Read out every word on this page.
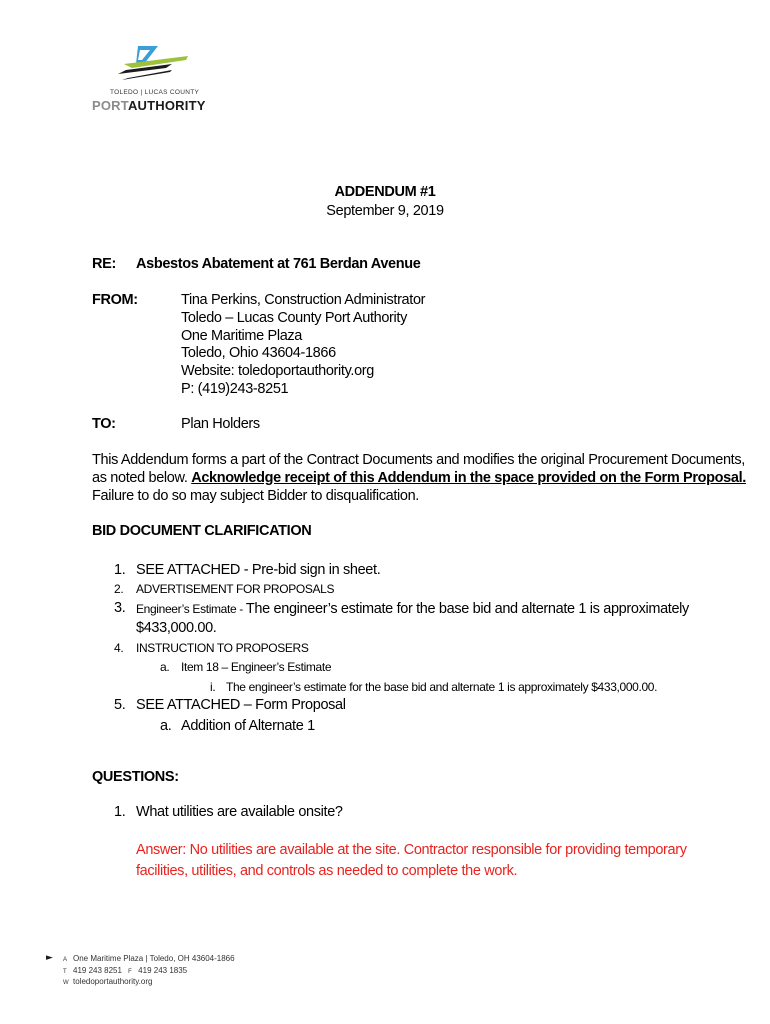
TOLEDO | LUCAS COUNTY
PORTAUTHORITY
ADDENDUM #1
September 9, 2019
RE: Asbestos Abatement at 761 Berdan Avenue
FROM:	Tina Perkins, Construction Administrator
Toledo – Lucas County Port Authority
One Maritime Plaza
Toledo, Ohio 43604-1866
Website: toledoportauthority.org
P: (419)243-8251
TO:	Plan Holders
This Addendum forms a part of the Contract Documents and modifies the original Procurement Documents,
as noted below. Acknowledge receipt of this Addendum in the space provided on the Form Proposal.
Failure to do so may subject Bidder to disqualification.
BID DOCUMENT CLARIFICATION
1. SEE ATTACHED - Pre-bid sign in sheet.
2. ADVERTISEMENT FOR PROPOSALS
3. Engineer’s Estimate - The engineer’s estimate for the base bid and alternate 1 is approximately
$433,000.00.
4. INSTRUCTION TO PROPOSERS
a. Item 18 – Engineer’s Estimate
i. The engineer’s estimate for the base bid and alternate 1 is approximately $433,000.00.
5. SEE ATTACHED – Form Proposal
a. Addition of Alternate 1
QUESTIONS:
1. What utilities are available onsite?
Answer: No utilities are available at the site. Contractor responsible for providing temporary
facilities, utilities, and controls as needed to complete the work.
► A One Maritime Plaza | Toledo, OH 43604-1866
T 419 243 8251 F 419 243 1835
W toledoportauthority.org
